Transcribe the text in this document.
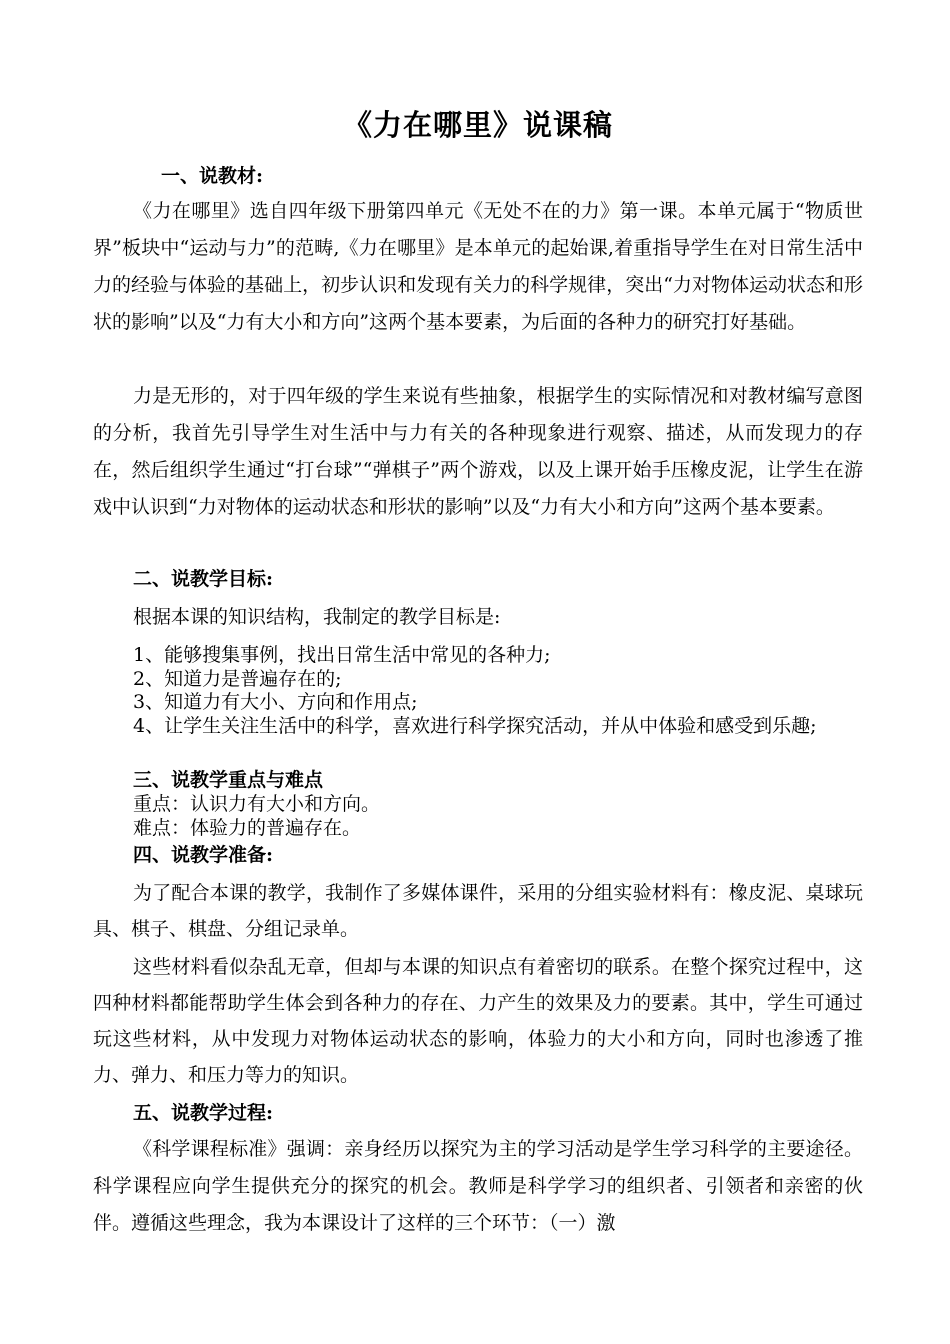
《力在哪里》说课稿
一、说教材:
《力在哪里》选自四年级下册第四单元《无处不在的力》第一课。本单元属于“物质世界”板块中“运动与力”的范畴,《力在哪里》是本单元的起始课,着重指导学生在对日常生活中力的经验与体验的基础上，初步认识和发现有关力的科学规律，突出“力对物体运动状态和形状的影响”以及“力有大小和方向”这两个基本要素，为后面的各种力的研究打好基础。
力是无形的，对于四年级的学生来说有些抽象，根据学生的实际情况和对教材编写意图的分析，我首先引导学生对生活中与力有关的各种现象进行观察、描述，从而发现力的存在，然后组织学生通过“打台球”“弹棋子”两个游戏，以及上课开始手压橡皮泥，让学生在游戏中认识到“力对物体的运动状态和形状的影响”以及“力有大小和方向”这两个基本要素。
二、说教学目标:
根据本课的知识结构，我制定的教学目标是:
1、能够搜集事例，找出日常生活中常见的各种力;
2、知道力是普遍存在的;
3、知道力有大小、方向和作用点;
4、让学生关注生活中的科学，喜欢进行科学探究活动，并从中体验和感受到乐趣;
三、说教学重点与难点
重点：认识力有大小和方向。
难点：体验力的普遍存在。
四、说教学准备:
为了配合本课的教学，我制作了多媒体课件，采用的分组实验材料有：橡皮泥、桌球玩具、棋子、棋盘、分组记录单。
这些材料看似杂乱无章，但却与本课的知识点有着密切的联系。在整个探究过程中，这四种材料都能帮助学生体会到各种力的存在、力产生的效果及力的要素。其中，学生可通过玩这些材料，从中发现力对物体运动状态的影响，体验力的大小和方向，同时也渗透了推力、弹力、和压力等力的知识。
五、说教学过程:
《科学课程标准》强调：亲身经历以探究为主的学习活动是学生学习科学的主要途径。科学课程应向学生提供充分的探究的机会。教师是科学学习的组织者、引领者和亲密的伙伴。遵循这些理念，我为本课设计了这样的三个环节：（一）激
